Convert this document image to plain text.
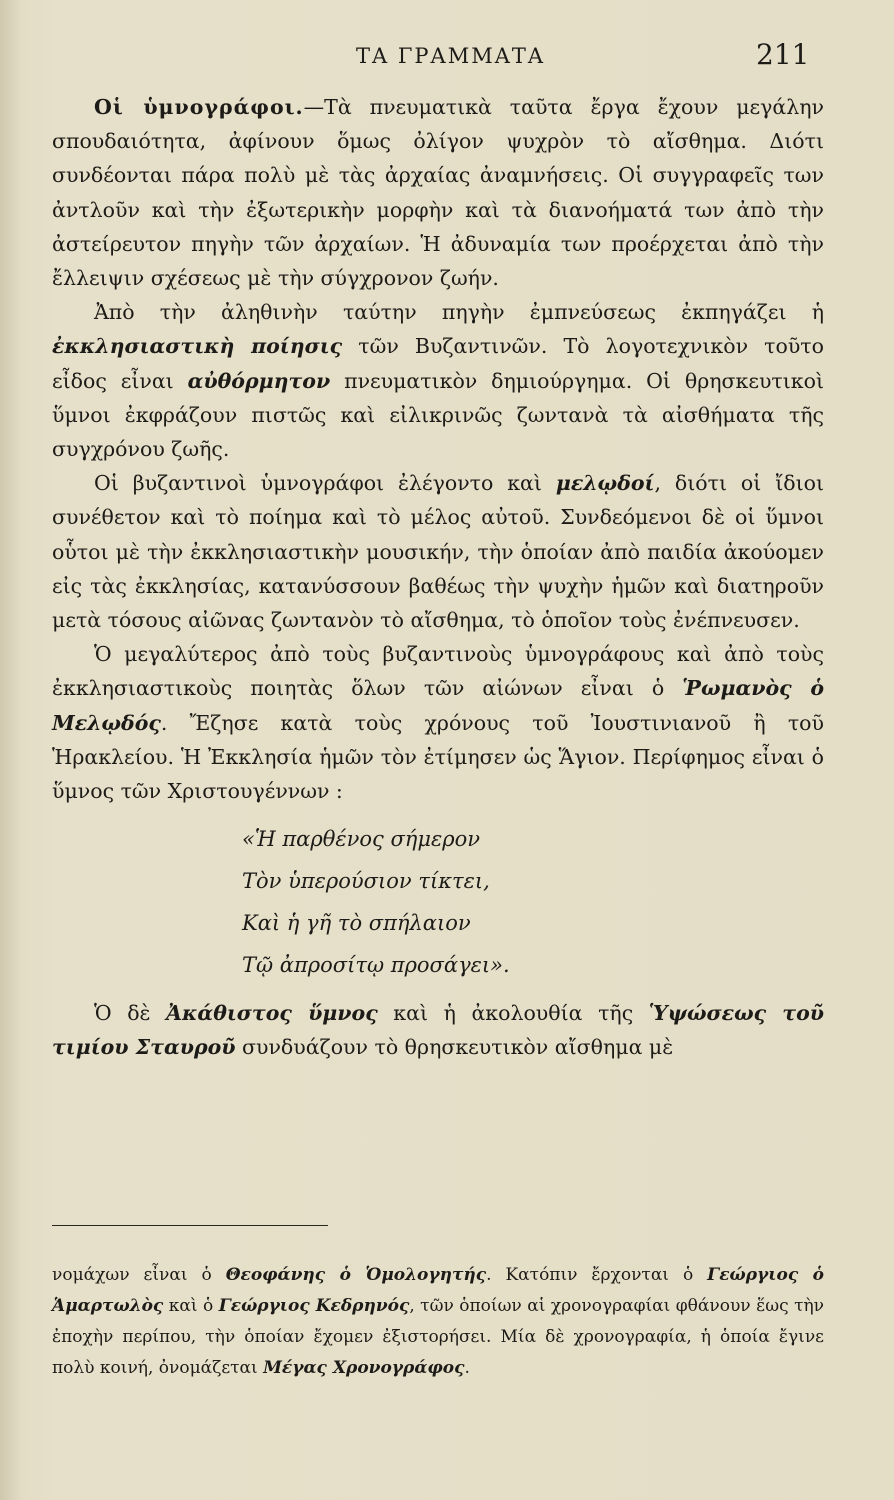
ΤΑ ΓΡΑΜΜΑΤΑ	211

Οἱ ὑμνογράφοι.—Τὰ πνευματικὰ ταῦτα ἔργα ἔχουν μεγάλην σπουδαιότητα, ἀφίνουν ὅμως ὀλίγον ψυχρὸν τὸ αἴσθημα. Διότι συνδέονται πάρα πολὺ μὲ τὰς ἀρχαίας ἀναμνήσεις. Οἱ συγγραφεῖς των ἀντλοῦν καὶ τὴν ἐξωτερικὴν μορφὴν καὶ τὰ διανοήματά των ἀπὸ τὴν ἀστείρευτον πηγὴν τῶν ἀρχαίων. Ἡ ἀδυναμία των προέρχεται ἀπὸ τὴν ἔλλειψιν σχέσεως μὲ τὴν σύγχρονον ζωήν.

Ἀπὸ τὴν ἀληθινὴν ταύτην πηγὴν ἐμπνεύσεως ἐκπηγάζει ἡ ἐκκλησιαστικὴ ποίησις τῶν Βυζαντινῶν. Τὸ λογοτεχνικὸν τοῦτο εἶδος εἶναι αὐθόρμητον πνευματικὸν δημιούργημα. Οἱ θρησκευτικοὶ ὕμνοι ἐκφράζουν πιστῶς καὶ εἰλικρινῶς ζωντανὰ τὰ αἰσθήματα τῆς συγχρόνου ζωῆς.

Οἱ βυζαντινοὶ ὑμνογράφοι ἐλέγοντο καὶ μελῳδοί, διότι οἱ ἴδιοι συνέθετον καὶ τὸ ποίημα καὶ τὸ μέλος αὐτοῦ. Συνδεόμενοι δὲ οἱ ὕμνοι οὗτοι μὲ τὴν ἐκκλησιαστικὴν μουσικήν, τὴν ὁποίαν ἀπὸ παιδία ἀκούομεν εἰς τὰς ἐκκλησίας, κατανύσσουν βαθέως τὴν ψυχὴν ἡμῶν καὶ διατηροῦν μετὰ τόσους αἰῶνας ζωντανὸν τὸ αἴσθημα, τὸ ὁποῖον τοὺς ἐνέπνευσεν.

Ὁ μεγαλύτερος ἀπὸ τοὺς βυζαντινοὺς ὑμνογράφους καὶ ἀπὸ τοὺς ἐκκλησιαστικοὺς ποιητὰς ὅλων τῶν αἰώνων εἶναι ὁ Ῥωμανὸς ὁ Μελῳδός. Ἔζησε κατὰ τοὺς χρόνους τοῦ Ἰουστινιανοῦ ἢ τοῦ Ἡρακλείου. Ἡ Ἐκκλησία ἡμῶν τὸν ἐτίμησεν ὡς Ἅγιον. Περίφημος εἶναι ὁ ὕμνος τῶν Χριστουγέννων :

«Ἡ παρθένος σήμερον
Τὸν ὑπερούσιον τίκτει,
Καὶ ἡ γῆ τὸ σπήλαιον
Τῷ ἀπροσίτῳ προσάγει».

Ὁ δὲ Ἀκάθιστος ὕμνος καὶ ἡ ἀκολουθία τῆς Ὑψώσεως τοῦ τιμίου Σταυροῦ συνδυάζουν τὸ θρησκευτικὸν αἴσθημα μὲ

νομάχων εἶναι ὁ Θεοφάνης ὁ Ὁμολογητής. Κατόπιν ἔρχονται ὁ Γεώργιος ὁ Ἁμαρτωλὸς καὶ ὁ Γεώργιος Κεδρηνός, τῶν ὁποίων αἱ χρονογραφίαι φθάνουν ἕως τὴν ἐποχὴν περίπου, τὴν ὁποίαν ἔχομεν ἐξιστορήσει. Μία δὲ χρονογραφία, ἡ ὁποία ἔγινε πολὺ κοινή, ὀνομάζεται Μέγας Χρονογράφος.
